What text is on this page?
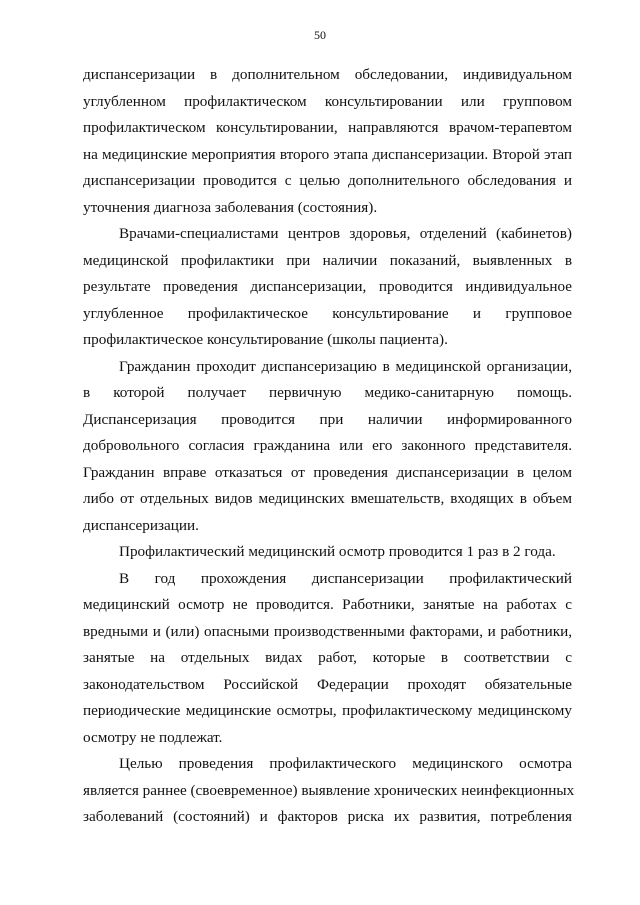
50
диспансеризации в дополнительном обследовании, индивидуальном
углубленном профилактическом консультировании или групповом
профилактическом консультировании, направляются врачом-терапевтом
на медицинские мероприятия второго этапа диспансеризации. Второй этап
диспансеризации проводится с целью дополнительного обследования и
уточнения диагноза заболевания (состояния).
Врачами-специалистами центров здоровья, отделений (кабинетов)
медицинской профилактики при наличии показаний, выявленных в
результате проведения диспансеризации, проводится индивидуальное
углубленное профилактическое консультирование и групповое
профилактическое консультирование (школы пациента).
Гражданин проходит диспансеризацию в медицинской организации,
в которой получает первичную медико-санитарную помощь.
Диспансеризация проводится при наличии информированного
добровольного согласия гражданина или его законного представителя.
Гражданин вправе отказаться от проведения диспансеризации в целом
либо от отдельных видов медицинских вмешательств, входящих в объем
диспансеризации.
Профилактический медицинский осмотр проводится 1 раз в 2 года.
В год прохождения диспансеризации профилактический
медицинский осмотр не проводится. Работники, занятые на работах с
вредными и (или) опасными производственными факторами, и работники,
занятые на отдельных видах работ, которые в соответствии с
законодательством Российской Федерации проходят обязательные
периодические медицинские осмотры, профилактическому медицинскому
осмотру не подлежат.
Целью проведения профилактического медицинского осмотра
является раннее (своевременное) выявление хронических неинфекционных
заболеваний (состояний) и факторов риска их развития, потребления
